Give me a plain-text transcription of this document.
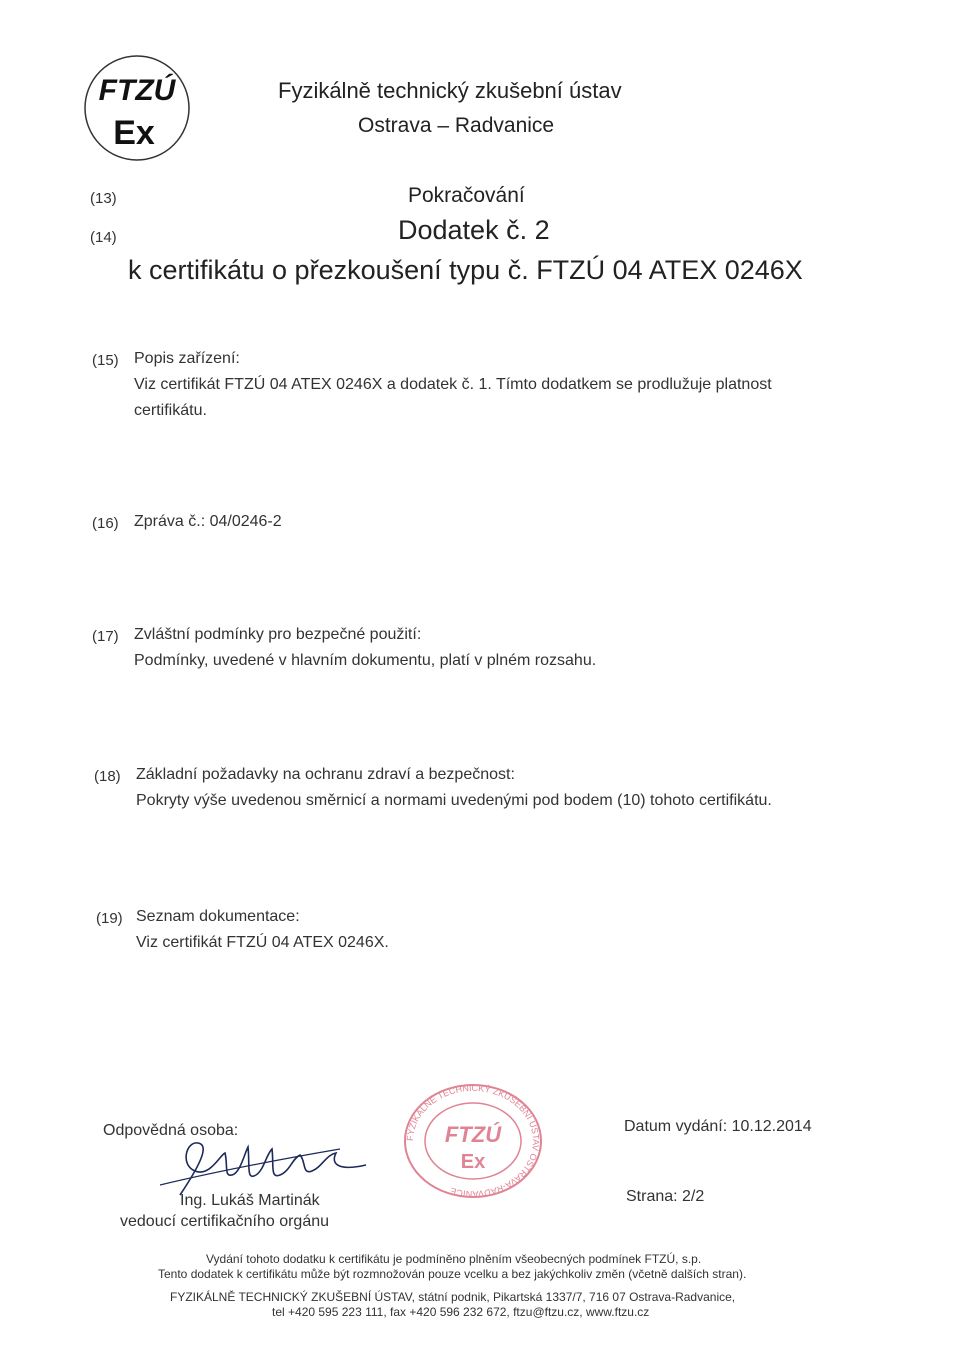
FTZÚ
Ex
Fyzikálně technický zkušební ústav
Ostrava – Radvanice
(13)	Pokračování
(14)	Dodatek č. 2
k certifikátu o přezkoušení typu č. FTZÚ 04 ATEX 0246X
(15) Popis zařízení:
Viz certifikát FTZÚ 04 ATEX 0246X a dodatek č. 1. Tímto dodatkem se prodlužuje platnost
certifikátu.
(16) Zpráva č.: 04/0246-2
(17) Zvláštní podmínky pro bezpečné použití:
Podmínky, uvedené v hlavním dokumentu, platí v plném rozsahu.
(18) Základní požadavky na ochranu zdraví a bezpečnost:
Pokryty výše uvedenou směrnicí a normami uvedenými pod bodem (10) tohoto certifikátu.
(19) Seznam dokumentace:
Viz certifikát FTZÚ 04 ATEX 0246X.
Odpovědná osoba:
Ing. Lukáš Martinák
vedoucí certifikačního orgánu
FYZIKÁLNĚ TECHNICKÝ ZKUŠEBNÍ ÚSTAV OSTRAVA-RADVANICE
FTZÚ
Ex
Datum vydání: 10.12.2014
Strana: 2/2
Vydání tohoto dodatku k certifikátu je podmíněno plněním všeobecných podmínek FTZÚ, s.p.
Tento dodatek k certifikátu může být rozmnožován pouze vcelku a bez jakýchkoliv změn (včetně dalších stran).
FYZIKÁLNĚ TECHNICKÝ ZKUŠEBNÍ ÚSTAV, státní podnik, Pikartská 1337/7, 716 07 Ostrava-Radvanice,
tel +420 595 223 111, fax +420 596 232 672, ftzu@ftzu.cz, www.ftzu.cz
